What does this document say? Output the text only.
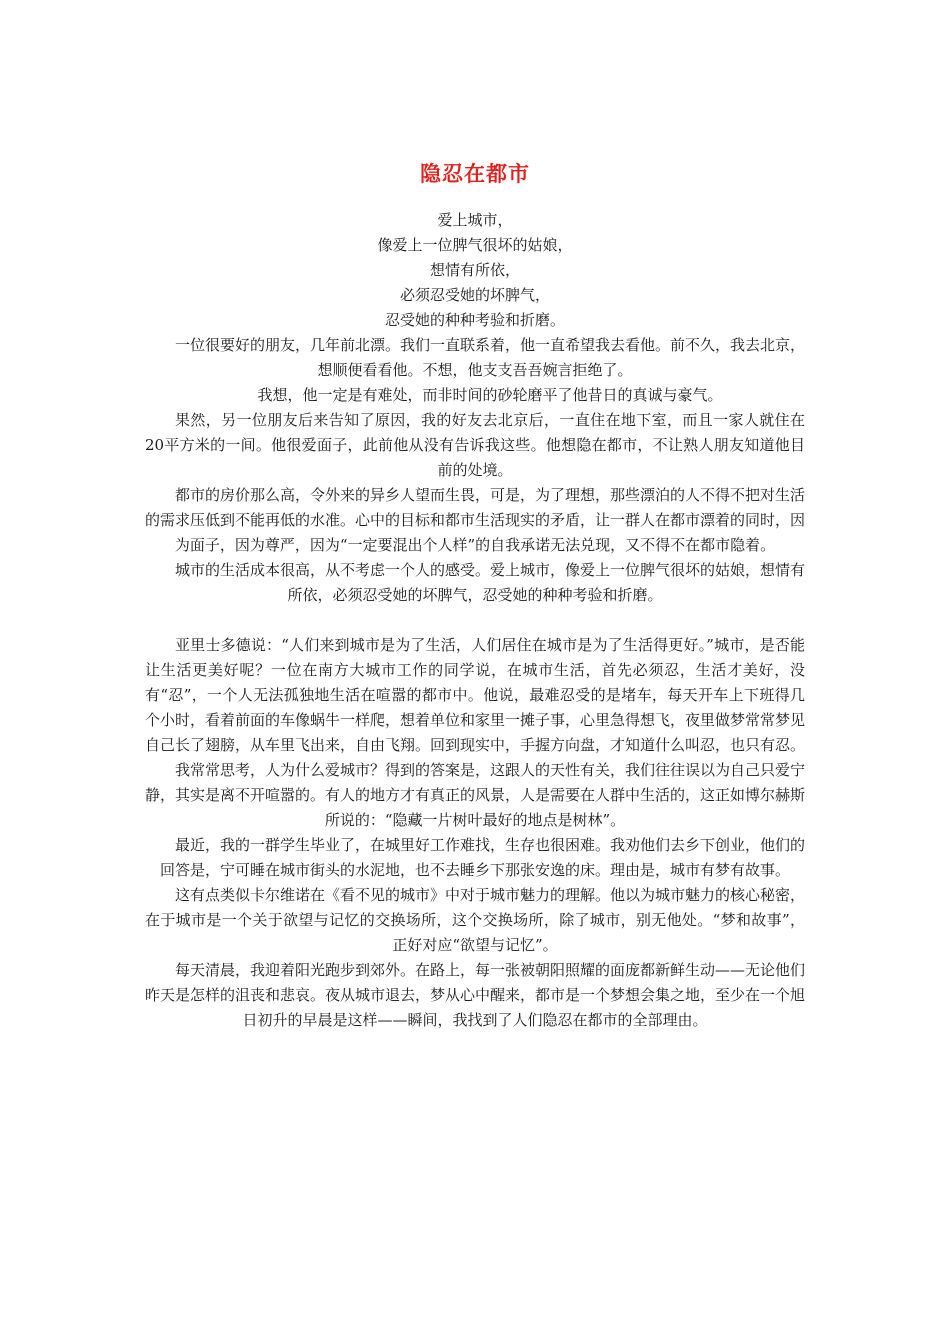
隐忍在都市

爱上城市，

像爱上一位脾气很坏的姑娘，

想情有所依，

必须忍受她的坏脾气，

忍受她的种种考验和折磨。

一位很要好的朋友，几年前北漂。我们一直联系着，他一直希望我去看他。前不久，我去北京，想顺便看看他。不想，他支支吾吾婉言拒绝了。

我想，他一定是有难处，而非时间的砂轮磨平了他昔日的真诚与豪气。

果然，另一位朋友后来告知了原因，我的好友去北京后，一直住在地下室，而且一家人就住在20平方米的一间。他很爱面子，此前他从没有告诉我这些。他想隐在都市，不让熟人朋友知道他目前的处境。

都市的房价那么高，令外来的异乡人望而生畏，可是，为了理想，那些漂泊的人不得不把对生活的需求压低到不能再低的水准。心中的目标和都市生活现实的矛盾，让一群人在都市漂着的同时，因为面子，因为尊严，因为“一定要混出个人样”的自我承诺无法兑现，又不得不在都市隐着。

城市的生活成本很高，从不考虑一个人的感受。爱上城市，像爱上一位脾气很坏的姑娘，想情有所依，必须忍受她的坏脾气，忍受她的种种考验和折磨。

亚里士多德说：“人们来到城市是为了生活，人们居住在城市是为了生活得更好。”城市，是否能让生活更美好呢？一位在南方大城市工作的同学说，在城市生活，首先必须忍，生活才美好，没有“忍”，一个人无法孤独地生活在喧嚣的都市中。他说，最难忍受的是堵车，每天开车上下班得几个小时，看着前面的车像蜗牛一样爬，想着单位和家里一摊子事，心里急得想飞，夜里做梦常常梦见自己长了翅膀，从车里飞出来，自由飞翔。回到现实中，手握方向盘，才知道什么叫忍，也只有忍。

我常常思考，人为什么爱城市？得到的答案是，这跟人的天性有关，我们往往误以为自己只爱宁静，其实是离不开喧嚣的。有人的地方才有真正的风景，人是需要在人群中生活的，这正如博尔赫斯所说的：“隐藏一片树叶最好的地点是树林”。

最近，我的一群学生毕业了，在城里好工作难找，生存也很困难。我劝他们去乡下创业，他们的回答是，宁可睡在城市街头的水泥地，也不去睡乡下那张安逸的床。理由是，城市有梦有故事。

这有点类似卡尔维诺在《看不见的城市》中对于城市魅力的理解。他以为城市魅力的核心秘密，在于城市是一个关于欲望与记忆的交换场所，这个交换场所，除了城市，别无他处。“梦和故事”，正好对应“欲望与记忆”。

每天清晨，我迎着阳光跑步到郊外。在路上，每一张被朝阳照耀的面庞都新鲜生动——无论他们昨天是怎样的沮丧和悲哀。夜从城市退去，梦从心中醒来，都市是一个梦想会集之地，至少在一个旭日初升的早晨是这样——瞬间，我找到了人们隐忍在都市的全部理由。
